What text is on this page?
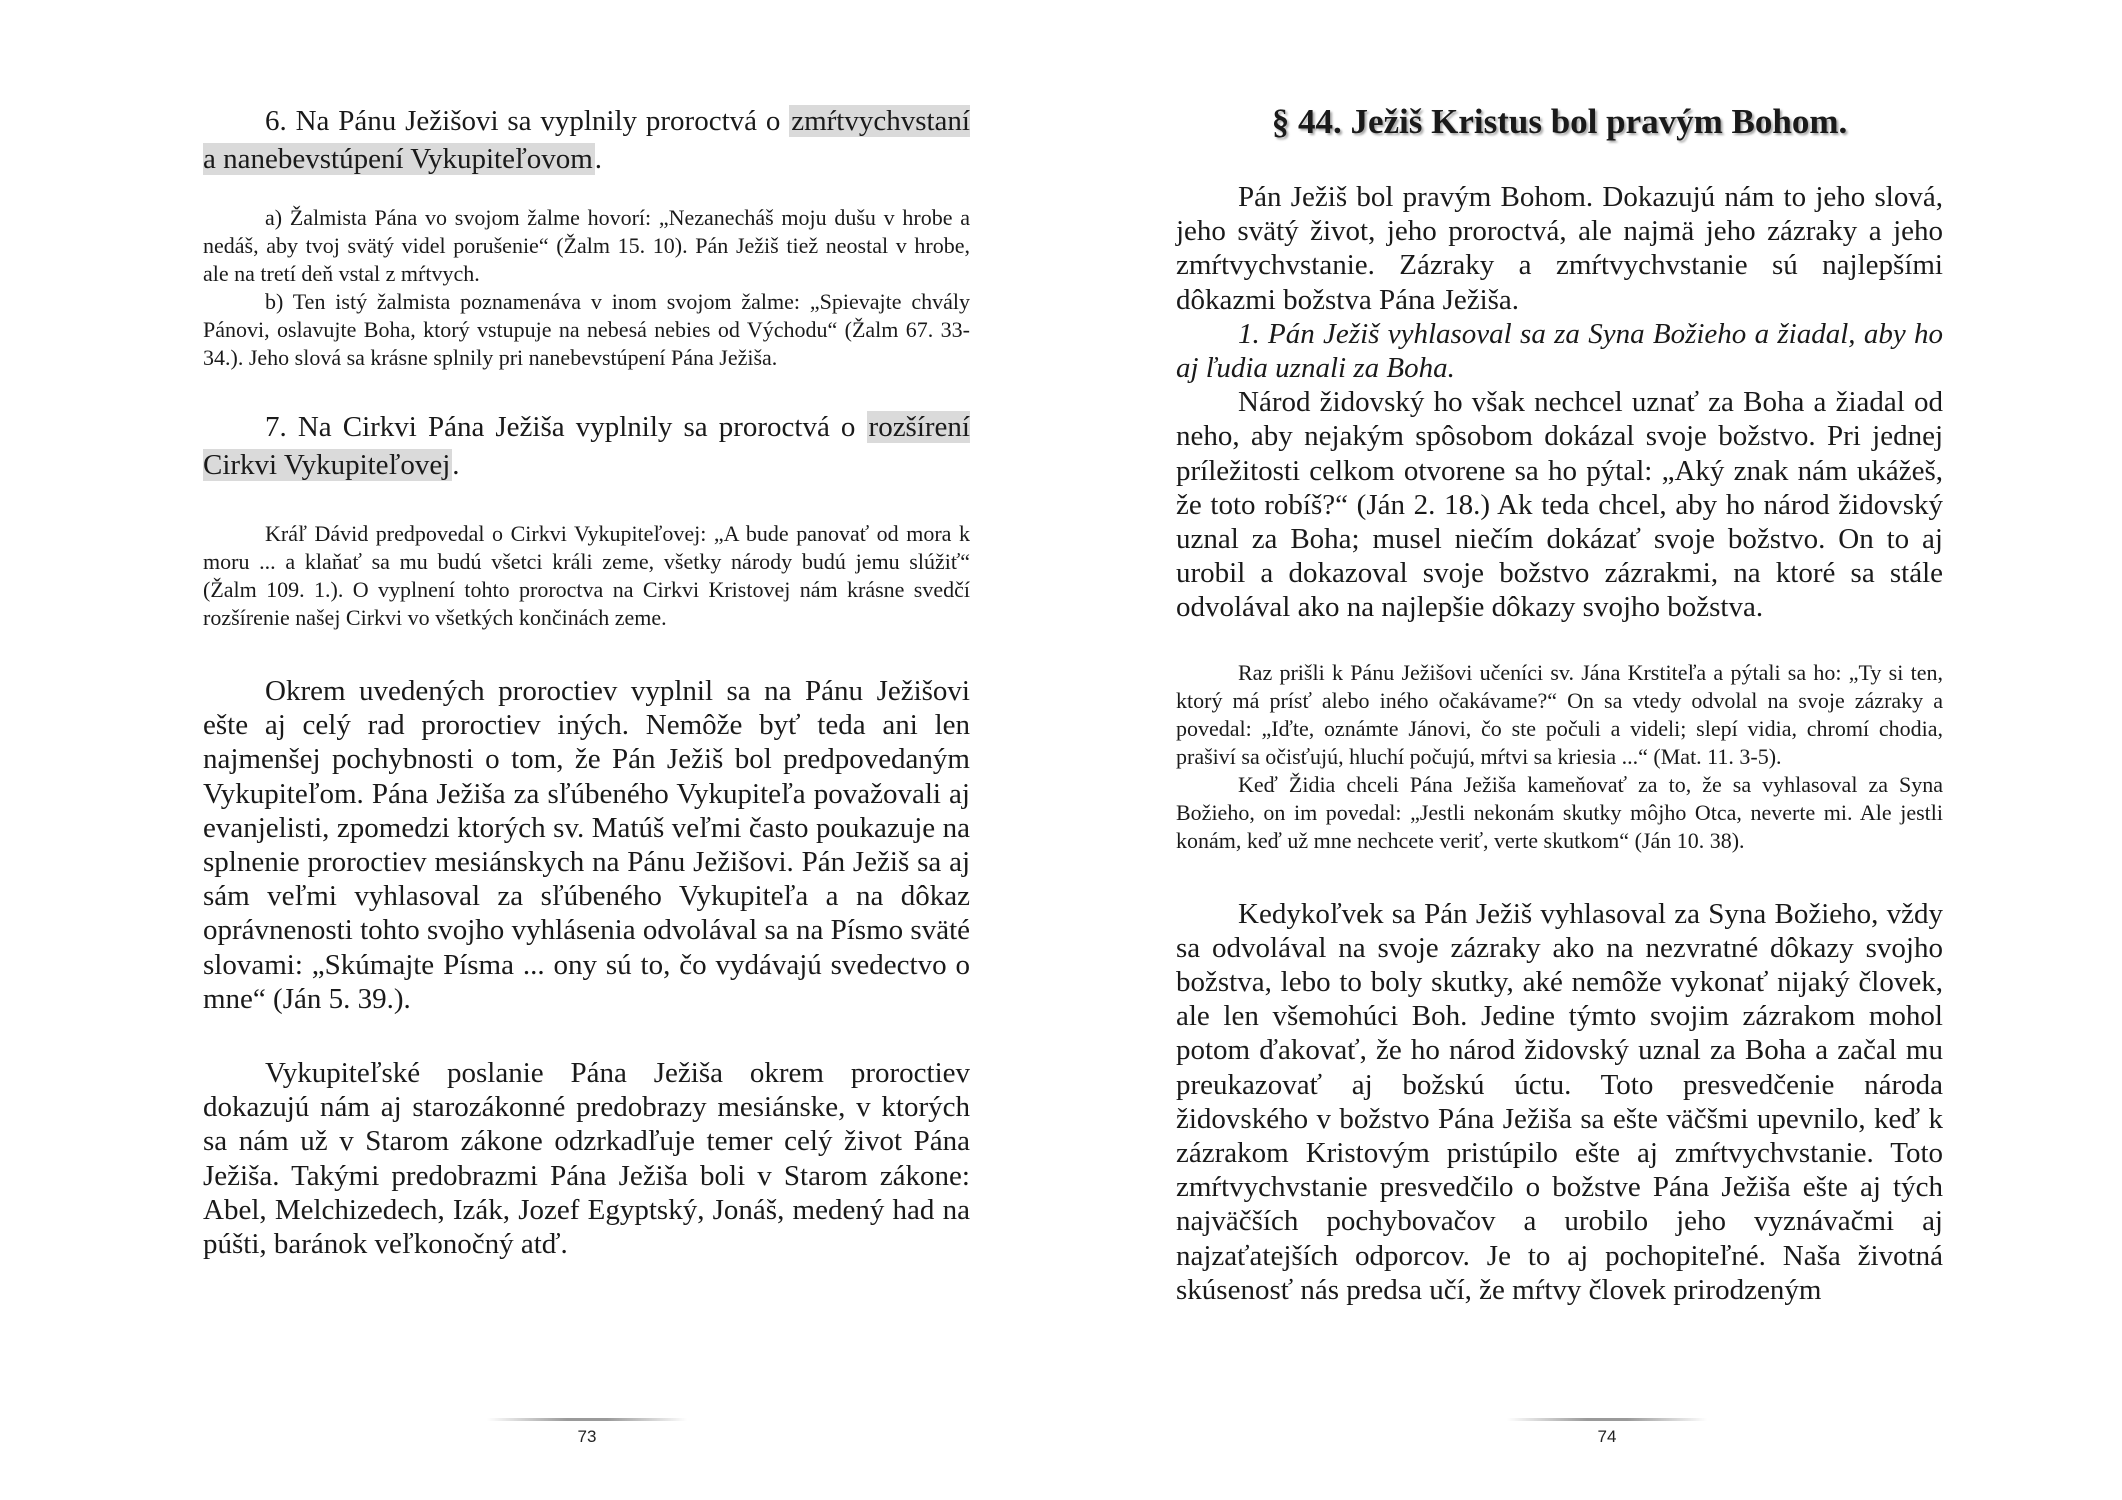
6. Na Pánu Ježišovi sa vyplnily proroctvá o zmŕtvychvstaní a nanebevstúpení Vykupiteľovom.

a) Žalmista Pána vo svojom žalme hovorí: „Nezanecháš moju dušu v hrobe a nedáš, aby tvoj svätý videl porušenie“ (Žalm 15. 10). Pán Ježiš tiež neostal v hrobe, ale na tretí deň vstal z mŕtvych.

b) Ten istý žalmista poznamenáva v inom svojom žalme: „Spievajte chvály Pánovi, oslavujte Boha, ktorý vstupuje na nebesá nebies od Východu“ (Žalm 67. 33-34.). Jeho slová sa krásne splnily pri nanebevstúpení Pána Ježiša.

7. Na Cirkvi Pána Ježiša vyplnily sa proroctvá o rozšírení Cirkvi Vykupiteľovej.

Kráľ Dávid predpovedal o Cirkvi Vykupiteľovej: „A bude panovať od mora k moru ... a klaňať sa mu budú všetci králi zeme, všetky národy budú jemu slúžiť“ (Žalm 109. 1.). O vyplnení tohto proroctva na Cirkvi Kristovej nám krásne svedčí rozšírenie našej Cirkvi vo všetkých končinách zeme.

Okrem uvedených proroctiev vyplnil sa na Pánu Ježišovi ešte aj celý rad proroctiev iných. Nemôže byť teda ani len najmenšej pochybnosti o tom, že Pán Ježiš bol predpovedaným Vykupiteľom. Pána Ježiša za sľúbeného Vykupiteľa považovali aj evanjelisti, zpomedzi ktorých sv. Matúš veľmi často poukazuje na splnenie proroctiev mesiánskych na Pánu Ježišovi. Pán Ježiš sa aj sám veľmi vyhlasoval za sľúbeného Vykupiteľa a na dôkaz oprávnenosti tohto svojho vyhlásenia odvolával sa na Písmo sväté slovami: „Skúmajte Písma ... ony sú to, čo vydávajú svedectvo o mne“ (Ján 5. 39.).

Vykupiteľské poslanie Pána Ježiša okrem proroctiev dokazujú nám aj starozákonné predobrazy mesiánske, v ktorých sa nám už v Starom zákone odzrkadľuje temer celý život Pána Ježiša. Takými predobrazmi Pána Ježiša boli v Starom zákone: Abel, Melchizedech, Izák, Jozef Egyptský, Jonáš, medený had na púšti, baránok veľkonočný atď.

73

§ 44. Ježiš Kristus bol pravým Bohom.

Pán Ježiš bol pravým Bohom. Dokazujú nám to jeho slová, jeho svätý život, jeho proroctvá, ale najmä jeho zázraky a jeho zmŕtvychvstanie. Zázraky a zmŕtvychvstanie sú najlepšími dôkazmi božstva Pána Ježiša.

1. Pán Ježiš vyhlasoval sa za Syna Božieho a žiadal, aby ho aj ľudia uznali za Boha.

Národ židovský ho však nechcel uznať za Boha a žiadal od neho, aby nejakým spôsobom dokázal svoje božstvo. Pri jednej príležitosti celkom otvorene sa ho pýtal: „Aký znak nám ukážeš, že toto robíš?“ (Ján 2. 18.) Ak teda chcel, aby ho národ židovský uznal za Boha; musel niečím dokázať svoje božstvo. On to aj urobil a dokazoval svoje božstvo zázrakmi, na ktoré sa stále odvolával ako na najlepšie dôkazy svojho božstva.

Raz prišli k Pánu Ježišovi učeníci sv. Jána Krstiteľa a pýtali sa ho: „Ty si ten, ktorý má prísť alebo iného očakávame?“ On sa vtedy odvolal na svoje zázraky a povedal: „Iďte, oznámte Jánovi, čo ste počuli a videli; slepí vidia, chromí chodia, prašiví sa očisťujú, hluchí počujú, mŕtvi sa kriesia ...“ (Mat. 11. 3-5).

Keď Židia chceli Pána Ježiša kameňovať za to, že sa vyhlasoval za Syna Božieho, on im povedal: „Jestli nekonám skutky môjho Otca, neverte mi. Ale jestli konám, keď už mne nechcete veriť, verte skutkom“ (Ján 10. 38).

Kedykoľvek sa Pán Ježiš vyhlasoval za Syna Božieho, vždy sa odvolával na svoje zázraky ako na nezvratné dôkazy svojho božstva, lebo to boly skutky, aké nemôže vykonať nijaký človek, ale len všemohúci Boh. Jedine týmto svojim zázrakom mohol potom ďakovať, že ho národ židovský uznal za Boha a začal mu preukazovať aj božskú úctu. Toto presvedčenie národa židovského v božstvo Pána Ježiša sa ešte väčšmi upevnilo, keď k zázrakom Kristovým pristúpilo ešte aj zmŕtvychvstanie. Toto zmŕtvychvstanie presvedčilo o božstve Pána Ježiša ešte aj tých najväčších pochybovačov a urobilo jeho vyznávačmi aj najzaťatejších odporcov. Je to aj pochopiteľné. Naša životná skúsenosť nás predsa učí, že mŕtvy človek prirodzeným

74
